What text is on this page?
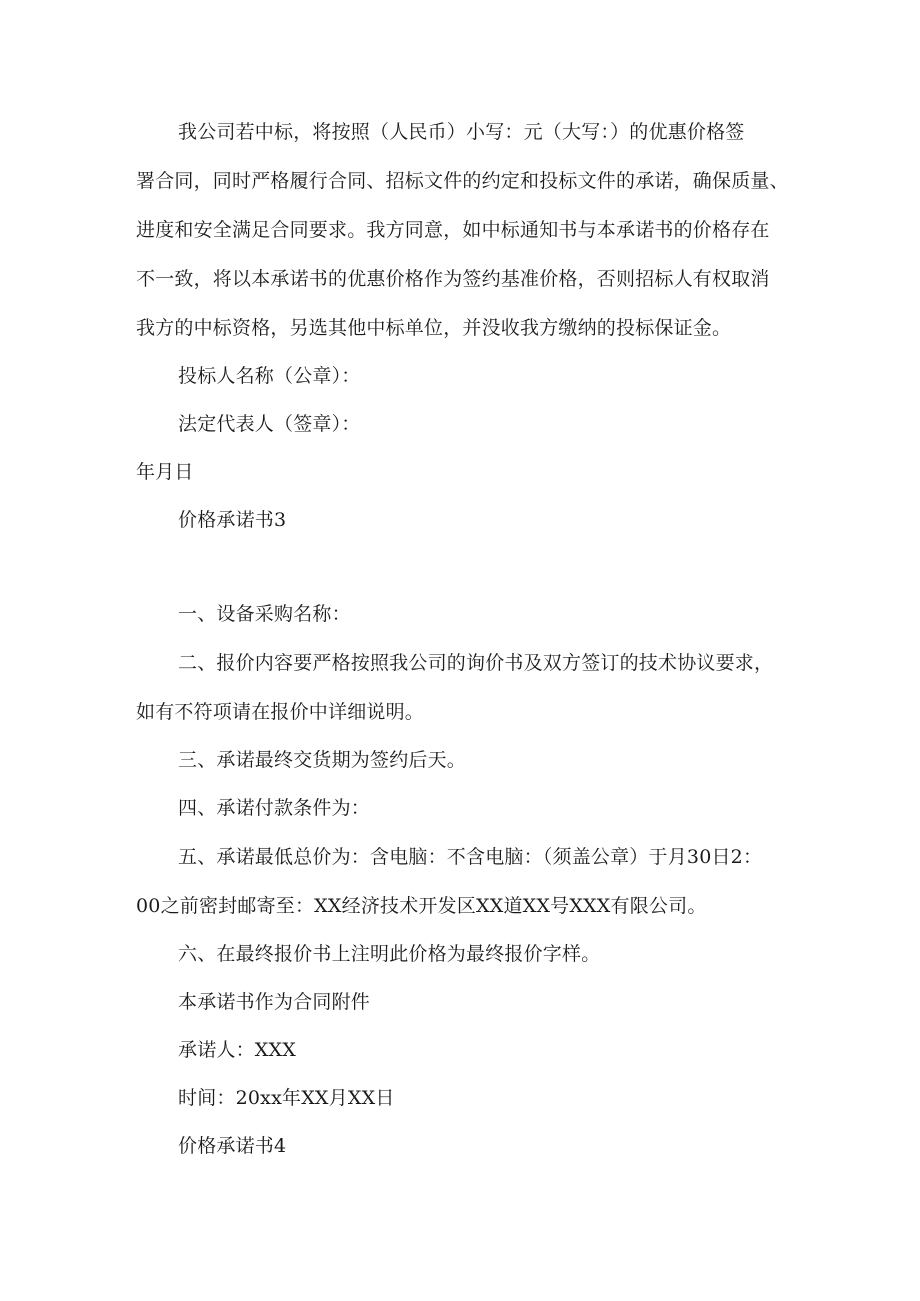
我公司若中标，将按照（人民币）小写：元（大写：）的优惠价格签
署合同，同时严格履行合同、招标文件的约定和投标文件的承诺，确保质量、
进度和安全满足合同要求。我方同意，如中标通知书与本承诺书的价格存在
不一致，将以本承诺书的优惠价格作为签约基准价格，否则招标人有权取消
我方的中标资格，另选其他中标单位，并没收我方缴纳的投标保证金。
投标人名称（公章）：
法定代表人（签章）：
年月日
价格承诺书3
一、设备采购名称：
二、报价内容要严格按照我公司的询价书及双方签订的技术协议要求，
如有不符项请在报价中详细说明。
三、承诺最终交货期为签约后天。
四、承诺付款条件为：
五、承诺最低总价为：含电脑：不含电脑：（须盖公章）于月30日2：
00之前密封邮寄至：XX经济技术开发区XX道XX号XXX有限公司。
六、在最终报价书上注明此价格为最终报价字样。
本承诺书作为合同附件
承诺人：XXX
时间：20xx年XX月XX日
价格承诺书4
